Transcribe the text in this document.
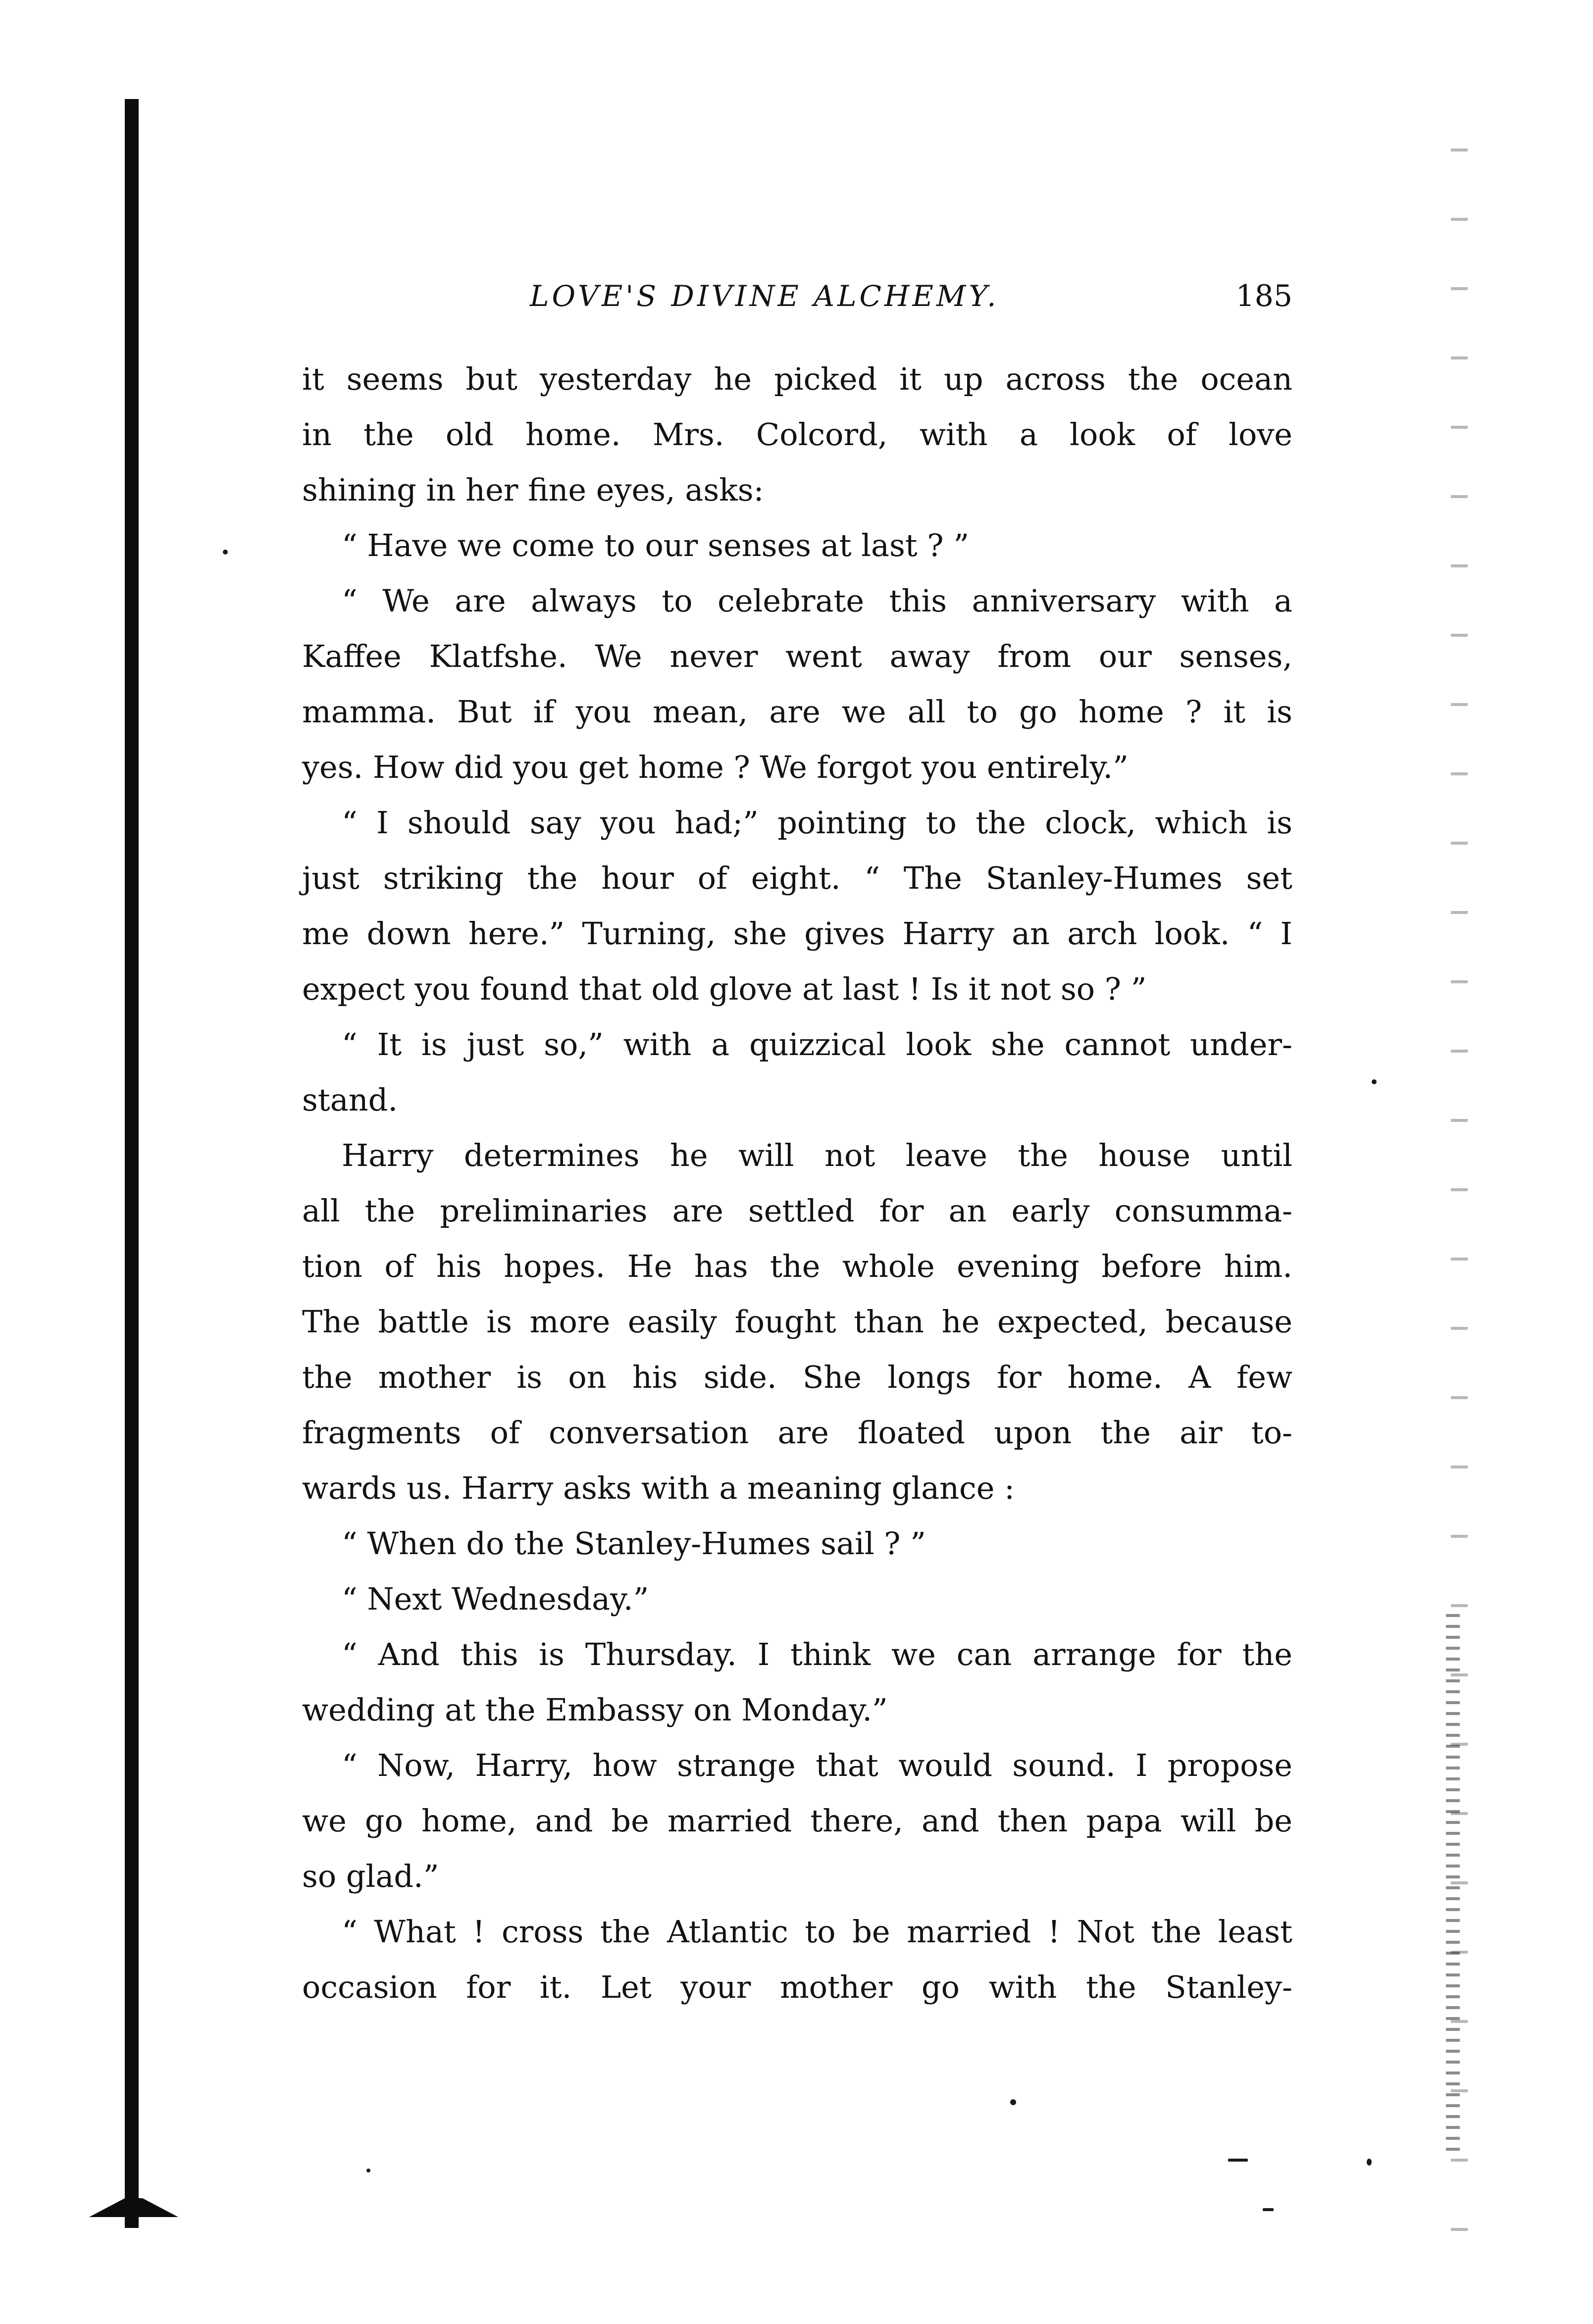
LOVE'S DIVINE ALCHEMY.	185
it seems but yesterday he picked it up across the ocean
in the old home. Mrs. Colcord, with a look of love
shining in her fine eyes, asks:
“ Have we come to our senses at last ? ”
“ We are always to celebrate this anniversary with a
Kaffee Klatfshe. We never went away from our senses,
mamma. But if you mean, are we all to go home ? it is
yes. How did you get home ? We forgot you entirely.”
“ I should say you had;” pointing to the clock, which is
just striking the hour of eight. “ The Stanley-Humes set
me down here.” Turning, she gives Harry an arch look. “ I
expect you found that old glove at last ! Is it not so ? ”
“ It is just so,” with a quizzical look she cannot under-
stand.
Harry determines he will not leave the house until
all the preliminaries are settled for an early consumma-
tion of his hopes. He has the whole evening before him.
The battle is more easily fought than he expected, because
the mother is on his side. She longs for home. A few
fragments of conversation are floated upon the air to-
wards us. Harry asks with a meaning glance :
“ When do the Stanley-Humes sail ? ”
“ Next Wednesday.”
“ And this is Thursday. I think we can arrange for the
wedding at the Embassy on Monday.”
“ Now, Harry, how strange that would sound. I propose
we go home, and be married there, and then papa will be
so glad.”
“ What ! cross the Atlantic to be married ! Not the least
occasion for it. Let your mother go with the Stanley-
